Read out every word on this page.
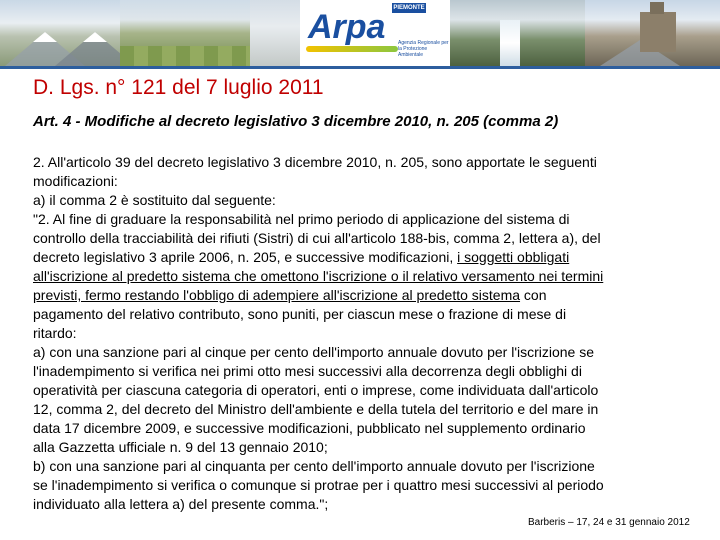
PIEMONTE
Arpa	Agenzia Regionale per la Protezione Ambientale
D. Lgs. n° 121 del 7 luglio 2011
Art. 4 - Modifiche al decreto legislativo 3 dicembre 2010, n. 205 (comma 2)
2. All'articolo 39 del decreto legislativo 3 dicembre 2010, n. 205, sono apportate le seguenti
modificazioni:
a) il comma 2 è sostituito dal seguente:
"2. Al fine di graduare la responsabilità nel primo periodo di applicazione del sistema di
controllo della tracciabilità dei rifiuti (Sistri) di cui all'articolo 188-bis, comma 2, lettera a), del
decreto legislativo 3 aprile 2006, n. 205, e successive modificazioni, i soggetti obbligati
all'iscrizione al predetto sistema che omettono l'iscrizione o il relativo versamento nei termini
previsti, fermo restando l'obbligo di adempiere all'iscrizione al predetto sistema con
pagamento del relativo contributo, sono puniti, per ciascun mese o frazione di mese di
ritardo:
a) con una sanzione pari al cinque per cento dell'importo annuale dovuto per l'iscrizione se
l'inadempimento si verifica nei primi otto mesi successivi alla decorrenza degli obblighi di
operatività per ciascuna categoria di operatori, enti o imprese, come individuata dall'articolo
12, comma 2, del decreto del Ministro dell'ambiente e della tutela del territorio e del mare in
data 17 dicembre 2009, e successive modificazioni, pubblicato nel supplemento ordinario
alla Gazzetta ufficiale n. 9 del 13 gennaio 2010;
b) con una sanzione pari al cinquanta per cento dell'importo annuale dovuto per l'iscrizione
se l'inadempimento si verifica o comunque si protrae per i quattro mesi successivi al periodo
individuato alla lettera a) del presente comma.";
Barberis – 17, 24 e 31 gennaio 2012
